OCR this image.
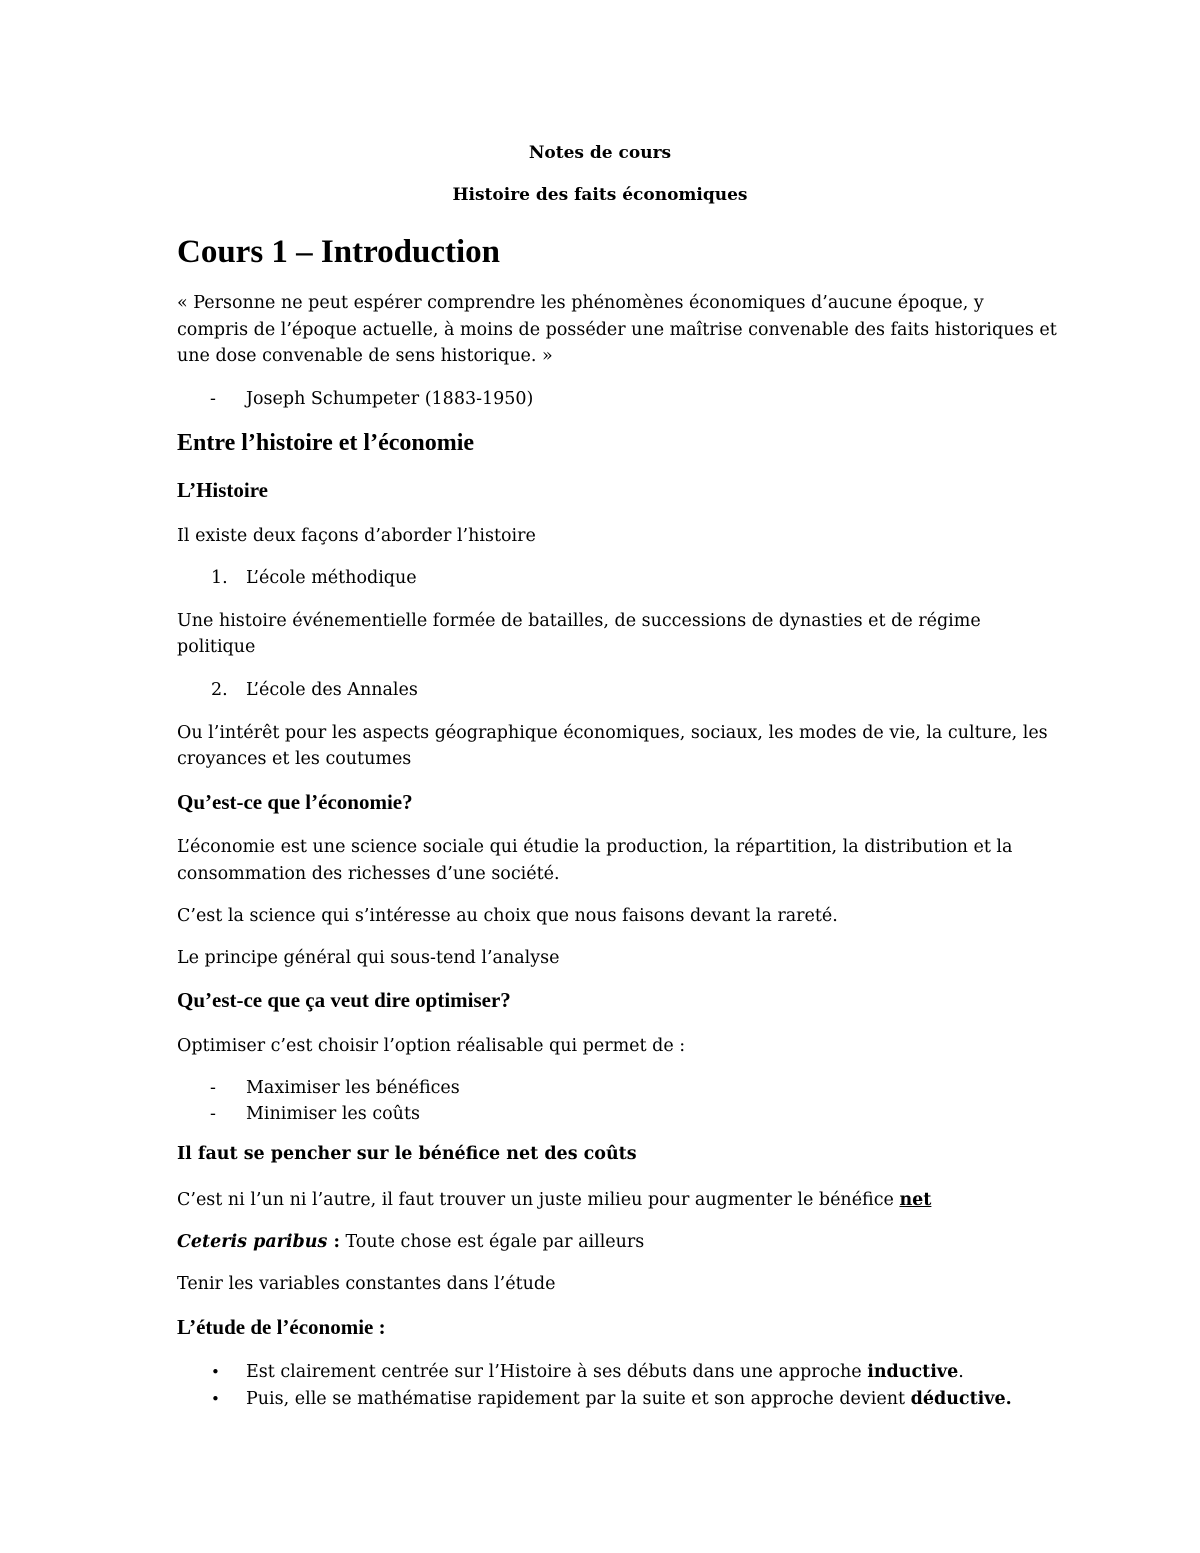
Notes de cours
Histoire des faits économiques
Cours 1 – Introduction
« Personne ne peut espérer comprendre les phénomènes économiques d’aucune époque, y
compris de l’époque actuelle, à moins de posséder une maîtrise convenable des faits historiques et
une dose convenable de sens historique. »
- Joseph Schumpeter (1883-1950)
Entre l’histoire et l’économie
L’Histoire
Il existe deux façons d’aborder l’histoire
1. L’école méthodique
Une histoire événementielle formée de batailles, de successions de dynasties et de régime
politique
2. L’école des Annales
Ou l’intérêt pour les aspects géographique économiques, sociaux, les modes de vie, la culture, les
croyances et les coutumes
Qu’est-ce que l’économie?
L’économie est une science sociale qui étudie la production, la répartition, la distribution et la
consommation des richesses d’une société.
C’est la science qui s’intéresse au choix que nous faisons devant la rareté.
Le principe général qui sous-tend l’analyse
Qu’est-ce que ça veut dire optimiser?
Optimiser c’est choisir l’option réalisable qui permet de :
- Maximiser les bénéfices
- Minimiser les coûts
Il faut se pencher sur le bénéfice net des coûts
C’est ni l’un ni l’autre, il faut trouver un juste milieu pour augmenter le bénéfice net
Ceteris paribus : Toute chose est égale par ailleurs
Tenir les variables constantes dans l’étude
L’étude de l’économie :
• Est clairement centrée sur l’Histoire à ses débuts dans une approche inductive.
• Puis, elle se mathématise rapidement par la suite et son approche devient déductive.
